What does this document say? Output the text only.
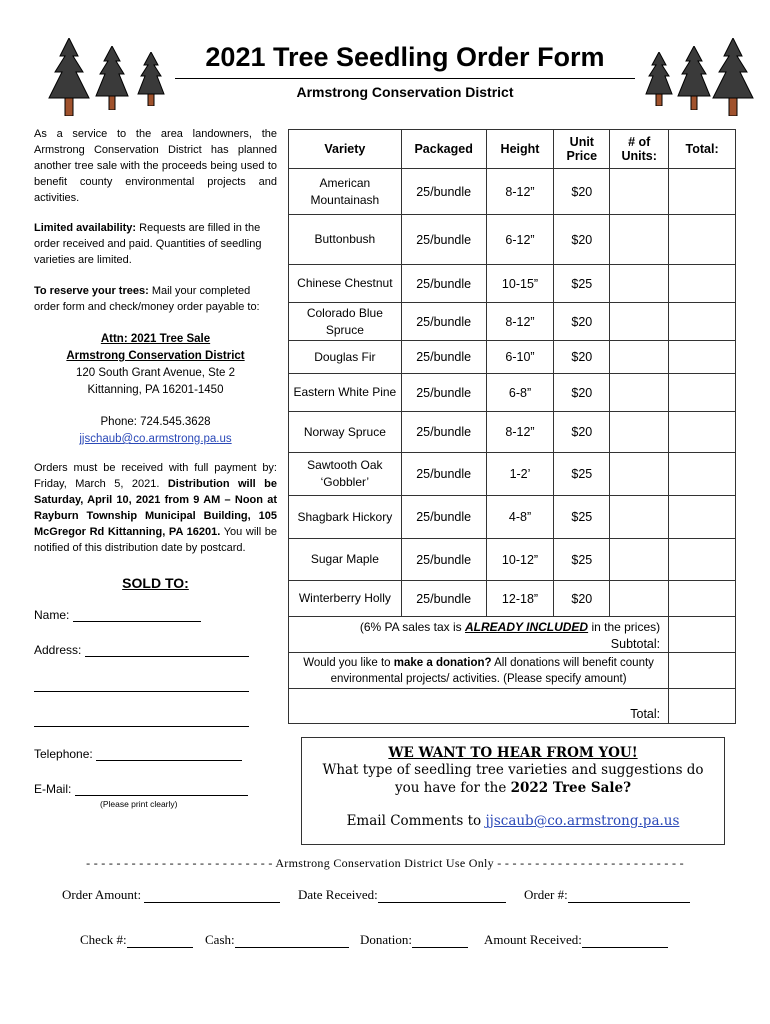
2021 Tree Seedling Order Form
Armstrong Conservation District
As a service to the area landowners, the Armstrong Conservation District has planned another tree sale with the proceeds being used to benefit county environmental projects and activities.
Limited availability: Requests are filled in the order received and paid. Quantities of seedling varieties are limited.
To reserve your trees: Mail your completed order form and check/money order payable to:
Attn: 2021 Tree Sale
Armstrong Conservation District
120 South Grant Avenue, Ste 2
Kittanning, PA 16201-1450
Phone: 724.545.3628
jjschaub@co.armstrong.pa.us
Orders must be received with full payment by: Friday, March 5, 2021. Distribution will be Saturday, April 10, 2021 from 9 AM – Noon at Rayburn Township Municipal Building, 105 McGregor Rd Kittanning, PA 16201. You will be notified of this distribution date by postcard.
SOLD TO:
Name:
Address:
Telephone:
E-Mail:
(Please print clearly)
Variety	Packaged	Height	Unit Price	# of Units:	Total:
American Mountainash	25/bundle	8-12”	$20		
Buttonbush	25/bundle	6-12”	$20		
Chinese Chestnut	25/bundle	10-15”	$25		
Colorado Blue Spruce	25/bundle	8-12”	$20		
Douglas Fir	25/bundle	6-10”	$20		
Eastern White Pine	25/bundle	6-8”	$20		
Norway Spruce	25/bundle	8-12”	$20		
Sawtooth Oak ‘Gobbler’	25/bundle	1-2’	$25		
Shagbark Hickory	25/bundle	4-8”	$25		
Sugar Maple	25/bundle	10-12”	$25		
Winterberry Holly	25/bundle	12-18”	$20		
(6% PA sales tax is ALREADY INCLUDED in the prices)					
Subtotal:					
Would you like to make a donation? All donations will benefit county environmental projects/ activities. (Please specify amount)					
Total:					
WE WANT TO HEAR FROM YOU!
What type of seedling tree varieties and suggestions do you have for the 2022 Tree Sale?
Email Comments to jjscaub@co.armstrong.pa.us
- - - - - - - - - - - - - - - - - - - - - - - - - Armstrong Conservation District Use Only - - - - - - - - - - - - - - - - - - - - - - - - -
Order Amount:	Date Received:	Order #:
Check #:	Cash:	Donation:	Amount Received:
